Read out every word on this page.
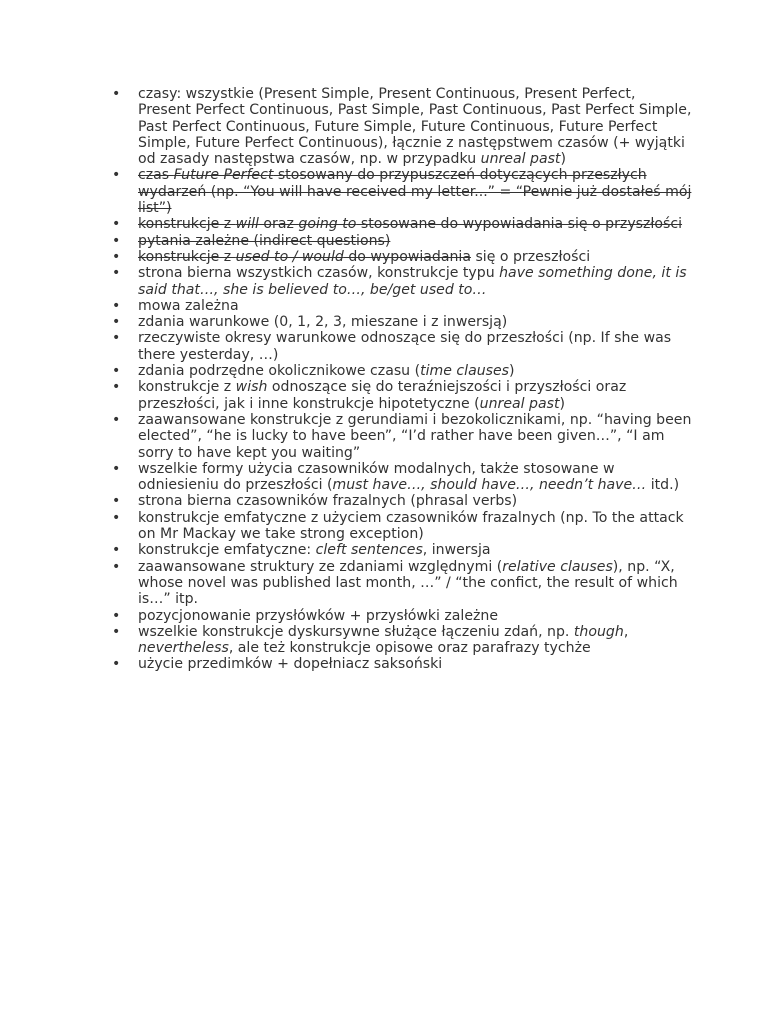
•	czasy: wszystkie (Present Simple, Present Continuous, Present Perfect, Present Perfect Continuous, Past Simple, Past Continuous, Past Perfect Simple, Past Perfect Continuous, Future Simple, Future Continuous, Future Perfect Simple, Future Perfect Continuous), łącznie z następstwem czasów (+ wyjątki od zasady następstwa czasów, np. w przypadku unreal past)
•	czas Future Perfect stosowany do przypuszczeń dotyczących przeszłych wydarzeń (np. “You will have received my letter...” = “Pewnie już dostałeś mój list”)
•	konstrukcje z will oraz going to stosowane do wypowiadania się o przyszłości
•	pytania zależne (indirect questions)
•	konstrukcje z used to / would do wypowiadania się o przeszłości
•	strona bierna wszystkich czasów, konstrukcje typu have something done, it is said that…, she is believed to…, be/get used to…
•	mowa zależna
•	zdania warunkowe (0, 1, 2, 3, mieszane i z inwersją)
•	rzeczywiste okresy warunkowe odnoszące się do przeszłości (np. If she was there yesterday, …)
•	zdania podrzędne okolicznikowe czasu (time clauses)
•	konstrukcje z wish odnoszące się do teraźniejszości i przyszłości oraz przeszłości, jak i inne konstrukcje hipotetyczne (unreal past)
•	zaawansowane konstrukcje z gerundiami i bezokolicznikami, np. “having been elected”, “he is lucky to have been”, “I’d rather have been given…”, “I am sorry to have kept you waiting”
•	wszelkie formy użycia czasowników modalnych, także stosowane w odniesieniu do przeszłości (must have…, should have…, needn’t have… itd.)
•	strona bierna czasowników frazalnych (phrasal verbs)
•	konstrukcje emfatyczne z użyciem czasowników frazalnych (np. To the attack on Mr Mackay we take strong exception)
•	konstrukcje emfatyczne: cleft sentences, inwersja
•	zaawansowane struktury ze zdaniami względnymi (relative clauses), np. “X, whose novel was published last month, …” / “the confict, the result of which is…” itp.
•	pozycjonowanie przysłówków + przysłówki zależne
•	wszelkie konstrukcje dyskursywne służące łączeniu zdań, np. though, nevertheless, ale też konstrukcje opisowe oraz parafrazy tychże
•	użycie przedimków + dopełniacz saksoński
